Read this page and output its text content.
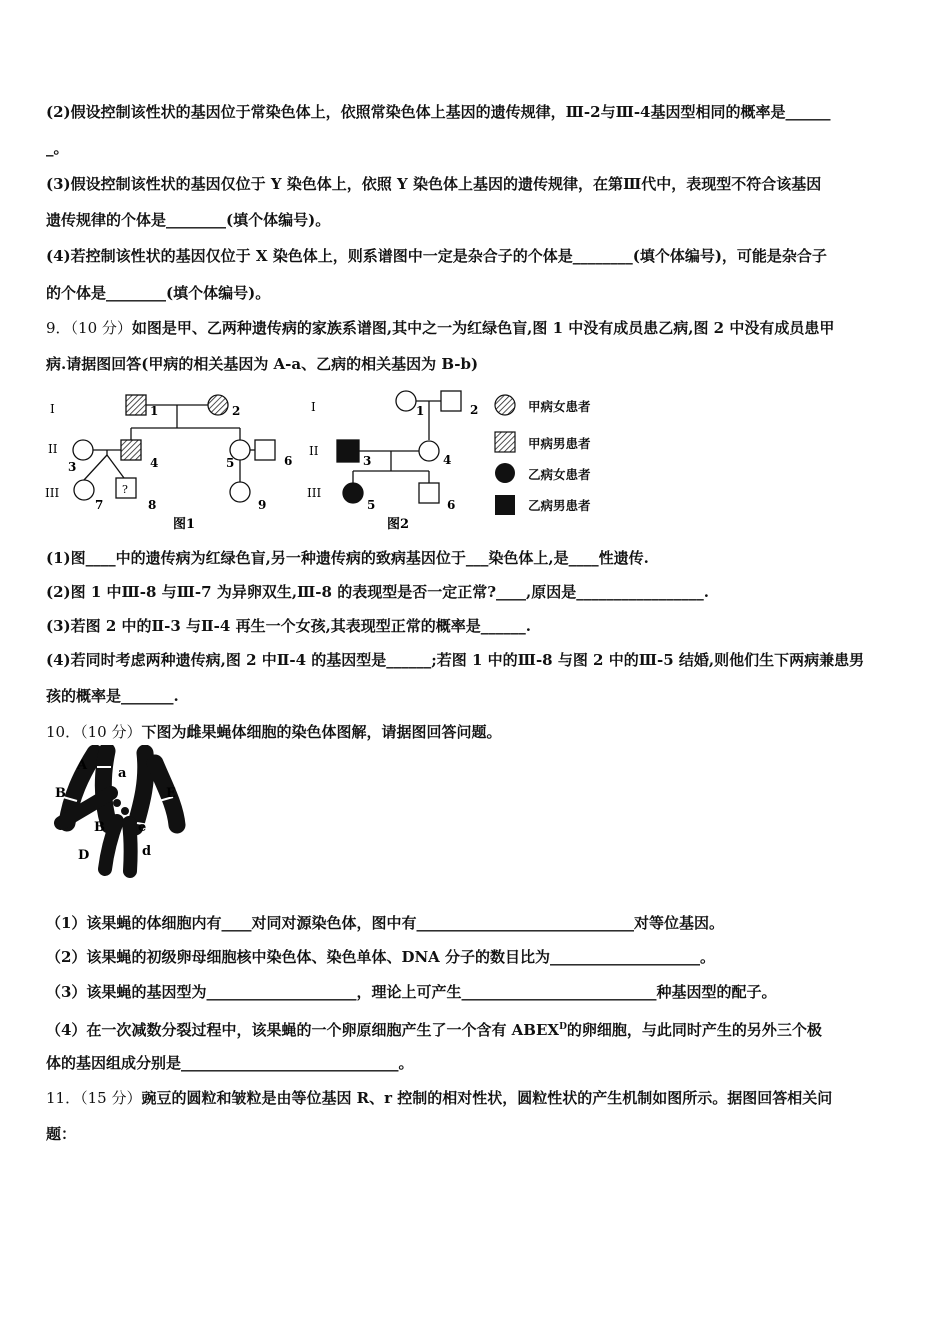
(2)假设控制该性状的基因位于常染色体上，依照常染色体上基因的遗传规律，Ⅲ-2与Ⅲ-4基因型相同的概率是______
_。
(3)假设控制该性状的基因仅位于 Y 染色体上，依照 Y 染色体上基因的遗传规律，在第Ⅲ代中，表现型不符合该基因
遗传规律的个体是________(填个体编号)。
(4)若控制该性状的基因仅位于 X 染色体上，则系谱图中一定是杂合子的个体是________(填个体编号)，可能是杂合子
的个体是________(填个体编号)。
9．（10 分）如图是甲、乙两种遗传病的家族系谱图,其中之一为红绿色盲,图 1 中没有成员患乙病,图 2 中没有成员患甲
病.请据图回答(甲病的相关基因为 A-a、乙病的相关基因为 B-b)
I
II
III
1	2
3	4	5	6
7
?
8	9
图1
I
II
III
1	2
3	4
5	6
图2
甲病女患者
甲病男患者
乙病女患者
乙病男患者
(1)图____中的遗传病为红绿色盲,另一种遗传病的致病基因位于___染色体上,是____性遗传.
(2)图 1 中Ⅲ-8 与Ⅲ-7 为异卵双生,Ⅲ-8 的表现型是否一定正常?____,原因是_________________.
(3)若图 2 中的Ⅱ-3 与Ⅱ-4 再生一个女孩,其表现型正常的概率是______.
(4)若同时考虑两种遗传病,图 2 中Ⅱ-4 的基因型是______;若图 1 中的Ⅲ-8 与图 2 中的Ⅲ-5 结婚,则他们生下两病兼患男
孩的概率是_______.
10．（10 分）下图为雌果蝇体细胞的染色体图解，请据图回答问题。
A
a
B	E
B	e
D	d
（1）该果蝇的体细胞内有____对同对源染色体，图中有_____________________________对等位基因。
（2）该果蝇的初级卵母细胞核中染色体、染色单体、DNA 分子的数目比为____________________。
（3）该果蝇的基因型为____________________，理论上可产生__________________________种基因型的配子。
（4）在一次减数分裂过程中，该果蝇的一个卵原细胞产生了一个含有 $ABEX^D$的卵细胞，与此同时产生的另外三个极
体的基因组成分别是_____________________________。
11．（15 分）豌豆的圆粒和皱粒是由等位基因 R、r 控制的相对性状，圆粒性状的产生机制如图所示。据图回答相关问
题：
